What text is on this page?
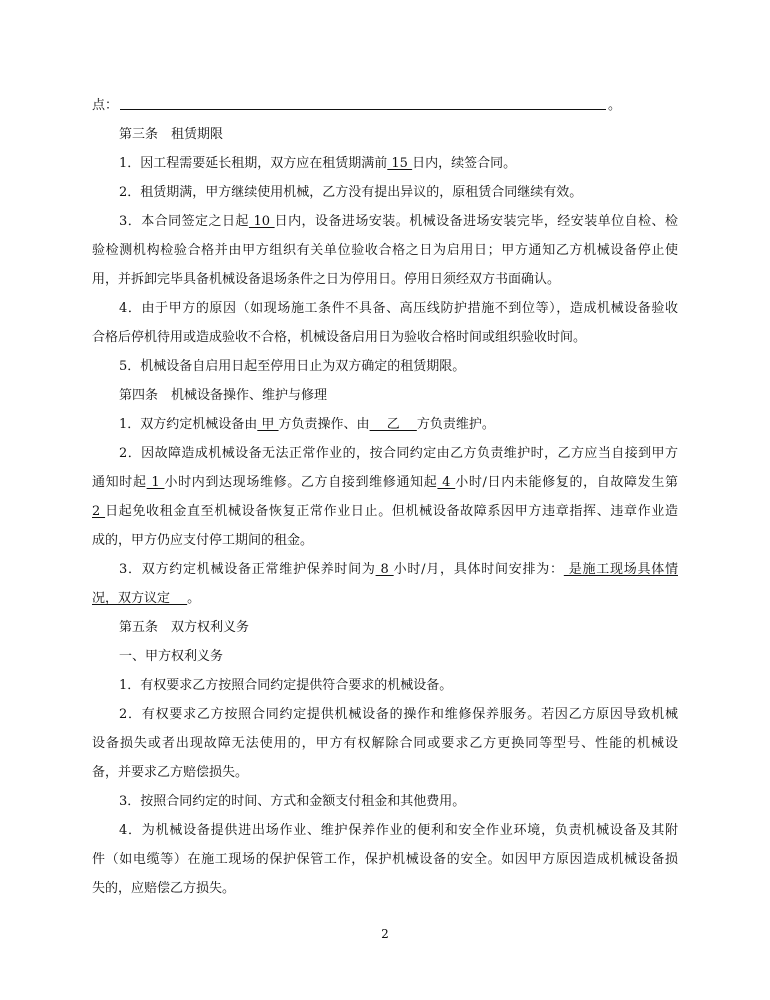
点：	。
第三条　租赁期限
1．因工程需要延长租期，双方应在租赁期满前 15 日内，续签合同。
2．租赁期满，甲方继续使用机械，乙方没有提出异议的，原租赁合同继续有效。
3．本合同签定之日起 10 日内，设备进场安装。机械设备进场安装完毕，经安装单位自检、检
验检测机构检验合格并由甲方组织有关单位验收合格之日为启用日；甲方通知乙方机械设备停止使
用，并拆卸完毕具备机械设备退场条件之日为停用日。停用日须经双方书面确认。
4．由于甲方的原因（如现场施工条件不具备、高压线防护措施不到位等），造成机械设备验收
合格后停机待用或造成验收不合格，机械设备启用日为验收合格时间或组织验收时间。
5．机械设备自启用日起至停用日止为双方确定的租赁期限。
第四条　机械设备操作、维护与修理
1．双方约定机械设备由 甲 方负责操作、由　 乙 　方负责维护。
2．因故障造成机械设备无法正常作业的，按合同约定由乙方负责维护时，乙方应当自接到甲方
通知时起 1 小时内到达现场维修。乙方自接到维修通知起 4 小时/日内未能修复的，自故障发生第
2 日起免收租金直至机械设备恢复正常作业日止。但机械设备故障系因甲方违章指挥、违章作业造
成的，甲方仍应支付停工期间的租金。
3．双方约定机械设备正常维护保养时间为 8 小时/月，具体时间安排为： 是施工现场具体情
况，双方议定　 。
第五条　双方权利义务
一、甲方权利义务
1．有权要求乙方按照合同约定提供符合要求的机械设备。
2．有权要求乙方按照合同约定提供机械设备的操作和维修保养服务。若因乙方原因导致机械
设备损失或者出现故障无法使用的，甲方有权解除合同或要求乙方更换同等型号、性能的机械设
备，并要求乙方赔偿损失。
3．按照合同约定的时间、方式和金额支付租金和其他费用。
4．为机械设备提供进出场作业、维护保养作业的便利和安全作业环境，负责机械设备及其附
件（如电缆等）在施工现场的保护保管工作，保护机械设备的安全。如因甲方原因造成机械设备损
失的，应赔偿乙方损失。
2
